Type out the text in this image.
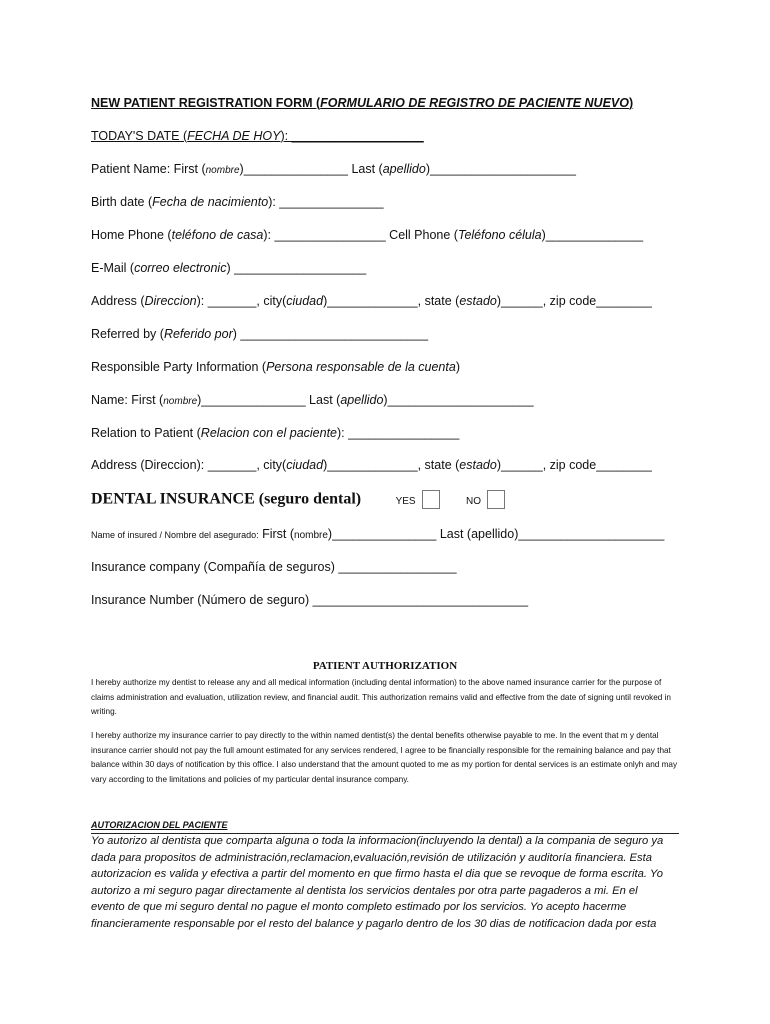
NEW PATIENT REGISTRATION FORM (FORMULARIO DE REGISTRO DE PACIENTE NUEVO)
TODAY'S DATE (FECHA DE HOY): ___________________
Patient Name: First (nombre)_______________ Last (apellido)_____________________
Birth date (Fecha de nacimiento): _______________
Home Phone (teléfono de casa): ________________ Cell Phone (Teléfono célula)______________
E-Mail (correo electronic) ___________________
Address (Direccion): _______, city(ciudad)_____________, state (estado)______, zip code________
Referred by (Referido por) ___________________________
Responsible Party Information (Persona responsable de la cuenta)
Name: First (nombre)_______________ Last (apellido)_____________________
Relation to Patient (Relacion con el paciente): ________________
Address (Direccion): _______, city(ciudad)_____________, state (estado)______, zip code________
DENTAL INSURANCE (seguro dental)	YES	NO
Name of insured / Nombre del asegurado: First (nombre)_______________ Last (apellido)_____________________
Insurance company (Compañía de seguros) _________________
Insurance Number (Número de seguro) _______________________________
PATIENT AUTHORIZATION
I hereby authorize my dentist to release any and all medical information (including dental information) to the above named insurance carrier for the purpose of claims administration and evaluation, utilization review, and financial audit. This authorization remains valid and effective from the date of signing until revoked in writing.
I hereby authorize my insurance carrier to pay directly to the within named dentist(s) the dental benefits otherwise payable to me. In the event that m y dental insurance carrier should not pay the full amount estimated for any services rendered, I agree to be financially responsible for the remaining balance and pay that balance within 30 days of notification by this office. I also understand that the amount quoted to me as my portion for dental services is an estimate onlyh and may vary according to the limitations and policies of my particular dental insurance company.
AUTORIZACION DEL PACIENTE
Yo autorizo al dentista que comparta alguna o toda la informacion(incluyendo la dental) a la compania de seguro ya
dada para propositos de administración,reclamacion,evaluación,revisión de utilización y auditoría financiera. Esta
autorizacion es valida y efectiva a partir del momento en que firmo hasta el dia que se revoque de forma escrita. Yo
autorizo a mi seguro pagar directamente al dentista los servicios dentales por otra parte pagaderos a mi. En el
evento de que mi seguro dental no pague el monto completo estimado por los servicios. Yo acepto hacerme
financieramente responsable por el resto del balance y pagarlo dentro de los 30 dias de notificacion dada por esta
